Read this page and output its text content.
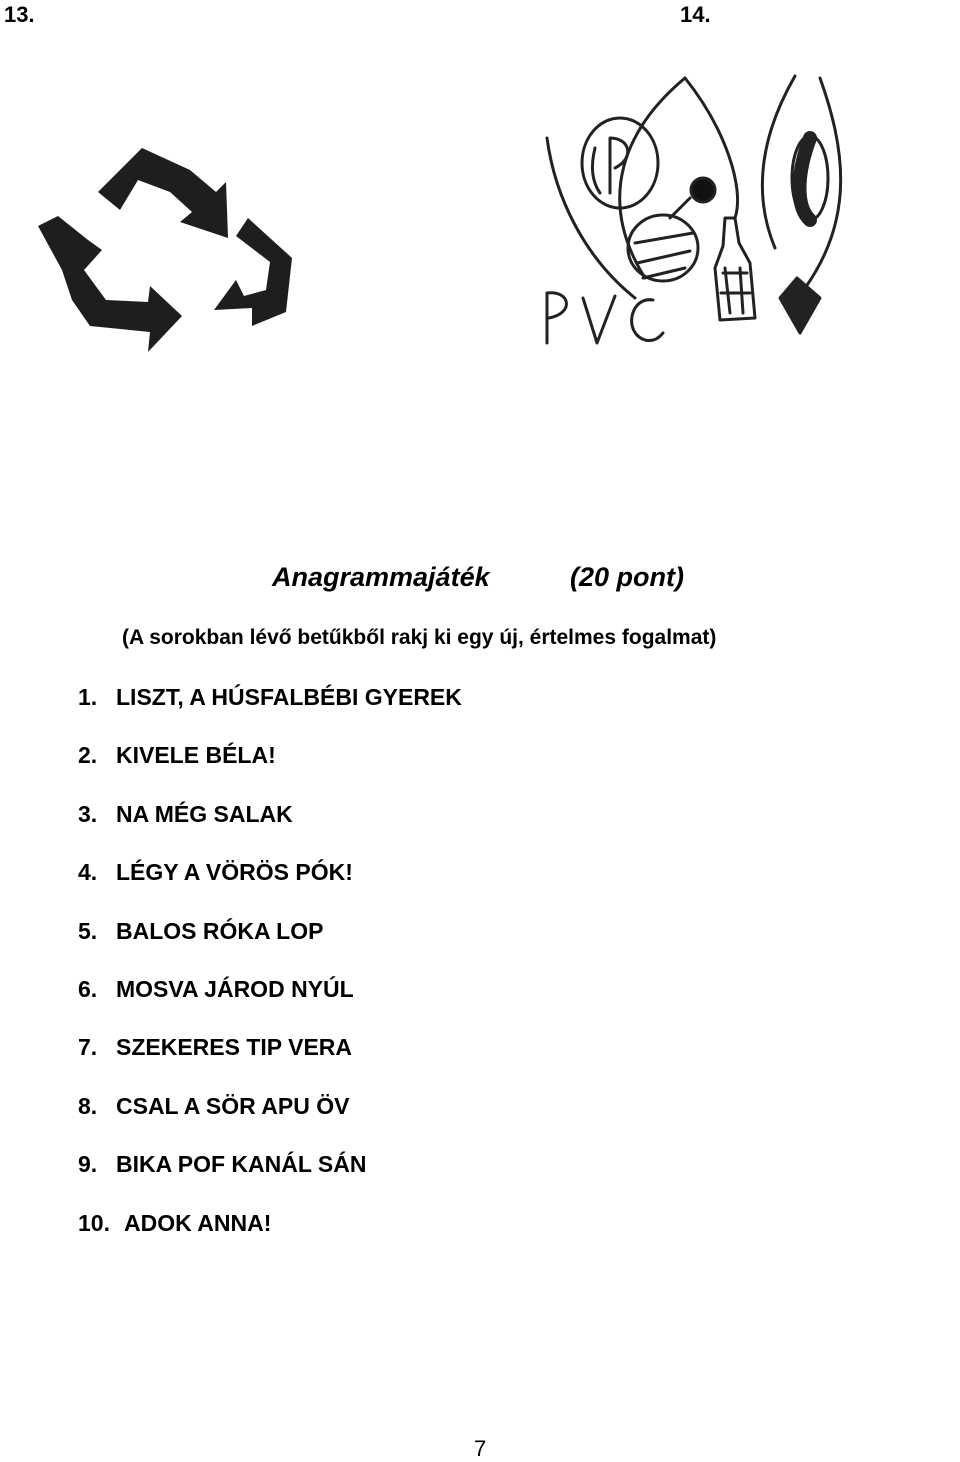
13.	14.
Anagrammajáték	(20 pont)
(A sorokban lévő betűkből rakj ki egy új, értelmes fogalmat)
1. LISZT, A HÚSFALBÉBI GYEREK
2. KIVELE BÉLA!
3. NA MÉG SALAK
4. LÉGY A VÖRÖS PÓK!
5. BALOS RÓKA LOP
6. MOSVA JÁROD NYÚL
7. SZEKERES TIP VERA
8. CSAL A SÖR APU ÖV
9. BIKA POF KANÁL SÁN
10. ADOK ANNA!
7
